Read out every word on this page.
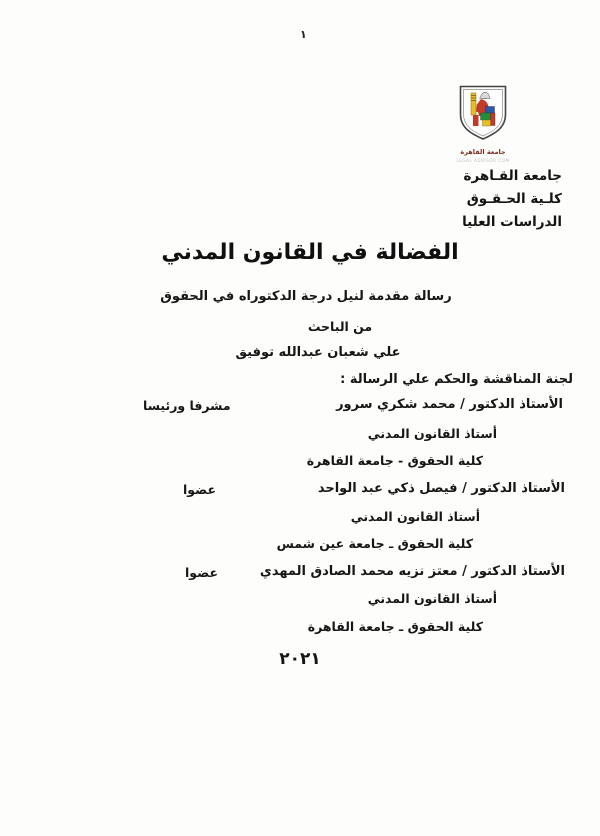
١
جامعة القاهرة
LEGAL ADVISOR COM
جامعة القـاهرة
كلـية الحـقـوق
الدراسات العليا
الفضالة في القانون المدني
رسالة مقدمة لنيل درجة الدكتوراه في الحقوق
من الباحث
علي شعبان عبدالله توفيق
لجنة المناقشة والحكم علي الرسالة :
الأستاذ الدكتور / محمد شكري سرور
مشرفا ورئيسا
أستاذ القانون المدني
كلية الحقوق - جامعة القاهرة
الأستاذ الدكتور / فيصل ذكي عبد الواحد
عضوا
أستاذ القانون المدني
كلية الحقوق ـ جامعة عين شمس
الأستاذ الدكتور / معتز نزيه محمد الصادق المهدي
عضوا
أستاذ القانون المدني
كلية الحقوق ـ جامعة القاهرة
٢٠٢١
